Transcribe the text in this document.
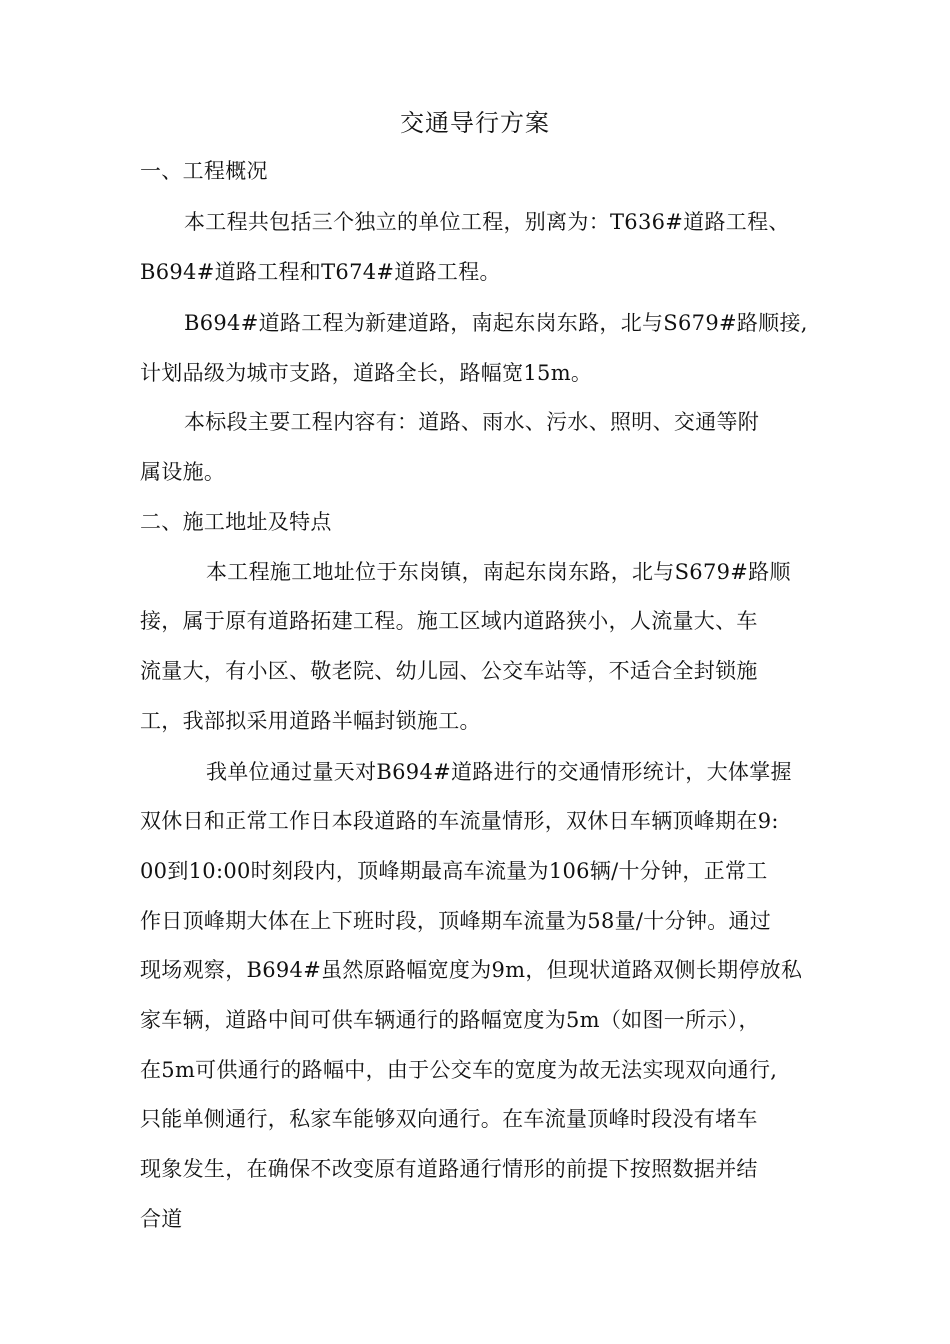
交通导行方案
一、工程概况
本工程共包括三个独立的单位工程，别离为：T636#道路工程、
B694#道路工程和T674#道路工程。
B694#道路工程为新建道路，南起东岗东路，北与S679#路顺接,
计划品级为城市支路，道路全长，路幅宽15m。
本标段主要工程内容有：道路、雨水、污水、照明、交通等附
属设施。
二、施工地址及特点
本工程施工地址位于东岗镇，南起东岗东路，北与S679#路顺
接，属于原有道路拓建工程。施工区域内道路狭小，人流量大、车
流量大，有小区、敬老院、幼儿园、公交车站等，不适合全封锁施
工，我部拟采用道路半幅封锁施工。
我单位通过量天对B694#道路进行的交通情形统计，大体掌握
双休日和正常工作日本段道路的车流量情形，双休日车辆顶峰期在9:
00到10:00时刻段内，顶峰期最高车流量为106辆/十分钟，正常工
作日顶峰期大体在上下班时段，顶峰期车流量为58量/十分钟。通过
现场观察，B694#虽然原路幅宽度为9m，但现状道路双侧长期停放私
家车辆，道路中间可供车辆通行的路幅宽度为5m（如图一所示），
在5m可供通行的路幅中，由于公交车的宽度为故无法实现双向通行,
只能单侧通行，私家车能够双向通行。在车流量顶峰时段没有堵车
现象发生，在确保不改变原有道路通行情形的前提下按照数据并结
合道
